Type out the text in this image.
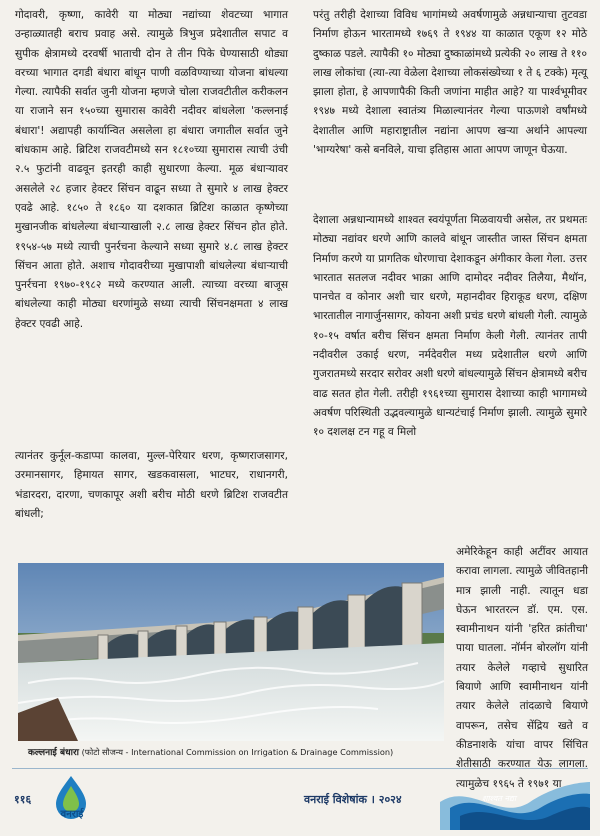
गोदावरी, कृष्णा, कावेरी या मोठ्या नद्यांच्या शेवटच्या भागात उन्हाळ्यातही बराच प्रवाह असे. त्यामुळे त्रिभुज प्रदेशातील सपाट व सुपीक क्षेत्रामध्ये दरवर्षी भाताची दोन ते तीन पिके घेण्यासाठी थोड्या वरच्या भागात दगडी बंधारा बांधून पाणी वळविण्याच्या योजना बांधल्या गेल्या. त्यापैकी सर्वात जुनी योजना म्हणजे चोला राजवटीतील करीकलन या राजाने सन १५०च्या सुमारास कावेरी नदीवर बांधलेला 'कल्लनाई बंधारा'! अद्यापही कार्यान्वित असलेला हा बंधारा जगातील सर्वात जुने बांधकाम आहे. ब्रिटिश राजवटीमध्ये सन १८१०च्या सुमारास त्याची उंची २.५ फुटांनी वाढवून इतरही काही सुधारणा केल्या. मूळ बंधाऱ्यावर असलेले २८ हजार हेक्टर सिंचन वाढून सध्या ते सुमारे ४ लाख हेक्टर एवढे आहे. १८५० ते १८६० या दशकात ब्रिटिश काळात कृष्णेच्या मुखानजीक बांधलेल्या बंधाऱ्याखाली २.८ लाख हेक्टर सिंचन होत होते. १९५४-५७ मध्ये त्याची पुनर्रचना केल्याने सध्या सुमारे ४.८ लाख हेक्टर सिंचन आता होते. अशाच गोदावरीच्या मुखापाशी बांधलेल्या बंधाऱ्याची पुनर्रचना १९७०-१९८२ मध्ये करण्यात आली. त्याच्या वरच्या बाजूस बांधलेल्या काही मोठ्या धरणांमुळे सध्या त्याची सिंचनक्षमता ४ लाख हेक्टर एवढी आहे.

त्यानंतर कुर्नूल-कडाप्पा कालवा, मुल्ल-पेरियार धरण, कृष्णराजसागर, उरमानसागर, हिमायत सागर, खडकवासला, भाटघर, राधानगरी, भंडारदरा, दारणा, चणकापूर अशी बरीच मोठी धरणे ब्रिटिश राजवटीत बांधली;

परंतु तरीही देशाच्या विविध भागांमध्ये अवर्षणामुळे अन्नधान्याचा तुटवडा निर्माण होऊन भारतामध्ये १७६९ ते १९४४ या काळात एकूण १२ मोठे दुष्काळ पडले. त्यापैकी १० मोठ्या दुष्काळांमध्ये प्रत्येकी २० लाख ते ११० लाख लोकांचा (त्या-त्या वेळेला देशाच्या लोकसंख्येच्या १ ते ६ टक्के) मृत्यू झाला होता, हे आपणापैकी किती जणांना माहीत आहे? या पार्श्वभूमीवर १९४७ मध्ये देशाला स्वातंत्र्य मिळाल्यानंतर गेल्या पाऊणशे वर्षांमध्ये देशातील आणि महाराष्ट्रातील नद्यांना आपण खऱ्या अर्थाने आपल्या 'भाग्यरेषा' कसे बनविले, याचा इतिहास आता आपण जाणून घेऊया.

देशाला अन्नधान्यामध्ये शाश्वत स्वयंपूर्णता मिळवायची असेल, तर प्रथमतः मोठ्या नद्यांवर धरणे आणि कालवे बांधून जास्तीत जास्त सिंचन क्षमता निर्माण करणे या प्रागतिक धोरणाचा देशाकडून अंगीकार केला गेला. उत्तर भारतात सतलज नदीवर भाक्रा आणि दामोदर नदीवर तिलैया, मैथॉन, पानचेत व कोनार अशी चार धरणे, महानदीवर हिराकूड धरण, दक्षिण भारतातील नागार्जुनसागर, कोयना अशी प्रचंड धरणे बांधली गेली. त्यामुळे १०-१५ वर्षात बरीच सिंचन क्षमता निर्माण केली गेली. त्यानंतर तापी नदीवरील उकाई धरण, नर्मदेवरील मध्य प्रदेशातील धरणे आणि गुजरातमध्ये सरदार सरोवर अशी धरणे बांधल्यामुळे सिंचन क्षेत्रामध्ये बरीच वाढ सतत होत गेली. तरीही १९६१च्या सुमारास देशाच्या काही भागामध्ये अवर्षण परिस्थिती उद्भवल्यामुळे धान्यटंचाई निर्माण झाली. त्यामुळे सुमारे १० दशलक्ष टन गहू व मिलो

अमेरिकेहून काही अटींवर आयात करावा लागला. त्यामुळे जीवितहानी मात्र झाली नाही. त्यातून धडा घेऊन भारतरत्न डॉ. एम. एस. स्वामीनाथन यांनी 'हरित क्रांतीचा' पाया घातला. नॉर्मन बोरलॉग यांनी तयार केलेले गव्हाचे सुधारित बियाणे आणि स्वामीनाथन यांनी तयार केलेले तांदळाचे बियाणे वापरून, तसेच सेंद्रिय खते व कीडनाशके यांचा वापर सिंचित शेतीसाठी करण्यात येऊ लागला. त्यामुळेच १९६५ ते १९७१ या

कल्लनाई बंधारा (फोटो सौजन्य - International Commission on Irrigation & Drainage Commission)
११६
वनराई
वनराई विशेषांक । २०२४	शाश्वत नद्या
